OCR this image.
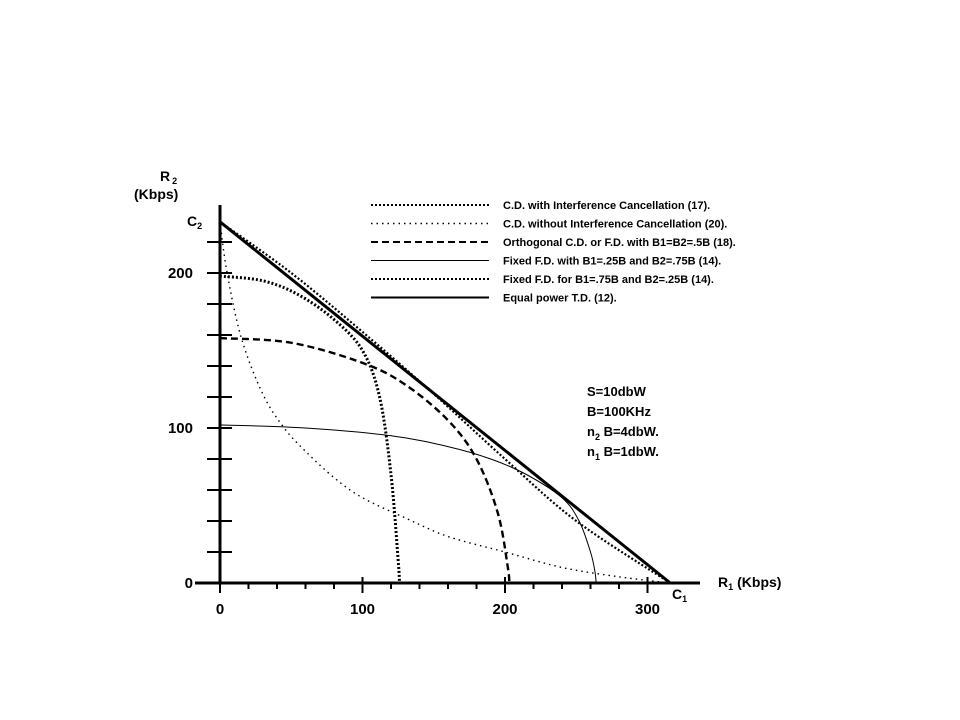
R $_2$
(Kbps)
$C_2$
$C_1$
$R_1$ (Kbps)
0	100	200	300
0
100
200
C.D. with Interference Cancellation (17).
C.D. without Interference Cancellation (20).
Orthogonal C.D. or F.D. with B1=B2=.5B (18).
Fixed F.D. with B1=.25B and B2=.75B (14).
Fixed F.D. for B1=.75B and B2=.25B (14).
Equal power T.D. (12).
S=10dbW
B=100KHz
$n_2$ B=4dbW.
$n_1$ B=1dbW.
